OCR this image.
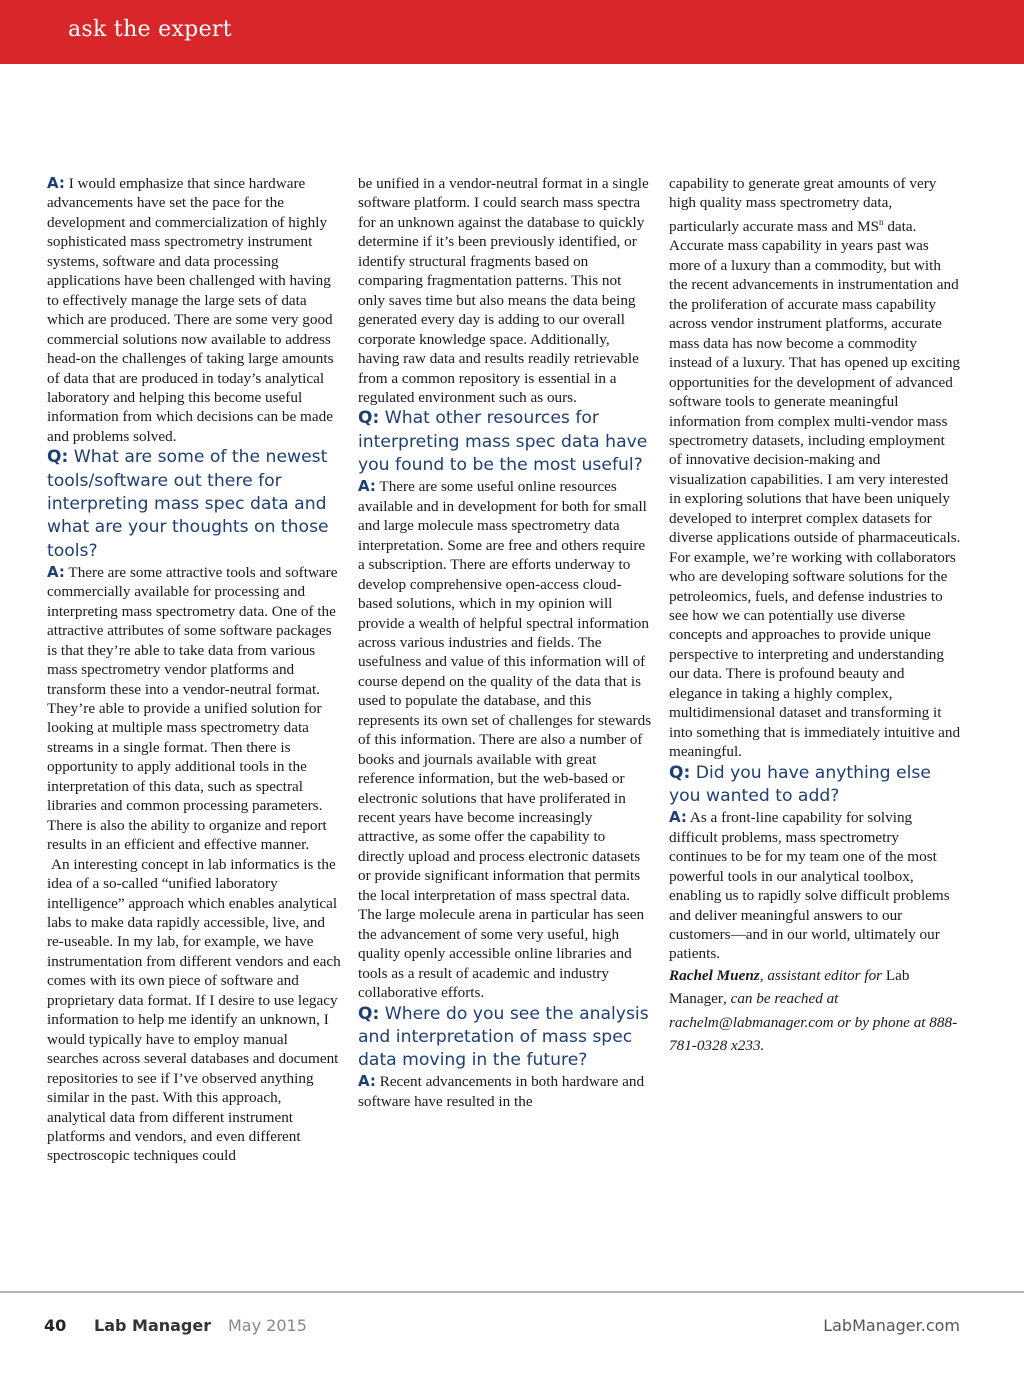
ask the expert

A: I would emphasize that since hardware advancements have set the pace for the development and commercialization of highly sophisticated mass spectrometry instrument systems, software and data processing applications have been challenged with having to effectively manage the large sets of data which are produced. There are some very good commercial solutions now available to address head-on the challenges of taking large amounts of data that are produced in today’s analytical laboratory and helping this become useful information from which decisions can be made and problems solved.

Q: What are some of the newest tools/software out there for interpreting mass spec data and what are your thoughts on those tools?

A: There are some attractive tools and software commercially available for processing and interpreting mass spectrometry data. One of the attractive attributes of some software packages is that they’re able to take data from various mass spectrometry vendor platforms and transform these into a vendor-neutral format. They’re able to provide a unified solution for looking at multiple mass spectrometry data streams in a single format. Then there is opportunity to apply additional tools in the interpretation of this data, such as spectral libraries and common processing parameters. There is also the ability to organize and report results in an efficient and effective manner.

An interesting concept in lab informatics is the idea of a so-called “unified laboratory intelligence” approach which enables analytical labs to make data rapidly accessible, live, and re-useable. In my lab, for example, we have instrumentation from different vendors and each comes with its own piece of software and proprietary data format. If I desire to use legacy information to help me identify an unknown, I would typically have to employ manual searches across several databases and document repositories to see if I’ve observed anything similar in the past. With this approach, analytical data from different instrument platforms and vendors, and even different spectroscopic techniques could

be unified in a vendor-neutral format in a single software platform. I could search mass spectra for an unknown against the database to quickly determine if it’s been previously identified, or identify structural fragments based on comparing fragmentation patterns. This not only saves time but also means the data being generated every day is adding to our overall corporate knowledge space. Additionally, having raw data and results readily retrievable from a common repository is essential in a regulated environment such as ours.

Q: What other resources for interpreting mass spec data have you found to be the most useful?

A: There are some useful online resources available and in development for both for small and large molecule mass spectrometry data interpretation. Some are free and others require a subscription. There are efforts underway to develop comprehensive open-access cloud-based solutions, which in my opinion will provide a wealth of helpful spectral information across various industries and fields. The usefulness and value of this information will of course depend on the quality of the data that is used to populate the database, and this represents its own set of challenges for stewards of this information. There are also a number of books and journals available with great reference information, but the web-based or electronic solutions that have proliferated in recent years have become increasingly attractive, as some offer the capability to directly upload and process electronic datasets or provide significant information that permits the local interpretation of mass spectral data. The large molecule arena in particular has seen the advancement of some very useful, high quality openly accessible online libraries and tools as a result of academic and industry collaborative efforts.

Q: Where do you see the analysis and interpretation of mass spec data moving in the future?

A: Recent advancements in both hardware and software have resulted in the

capability to generate great amounts of very high quality mass spectrometry data, particularly accurate mass and $MS^n$ data. Accurate mass capability in years past was more of a luxury than a commodity, but with the recent advancements in instrumentation and the proliferation of accurate mass capability across vendor instrument platforms, accurate mass data has now become a commodity instead of a luxury. That has opened up exciting opportunities for the development of advanced software tools to generate meaningful information from complex multi-vendor mass spectrometry datasets, including employment of innovative decision-making and visualization capabilities. I am very interested in exploring solutions that have been uniquely developed to interpret complex datasets for diverse applications outside of pharmaceuticals. For example, we’re working with collaborators who are developing software solutions for the petroleomics, fuels, and defense industries to see how we can potentially use diverse concepts and approaches to provide unique perspective to interpreting and understanding our data. There is profound beauty and elegance in taking a highly complex, multidimensional dataset and transforming it into something that is immediately intuitive and meaningful.

Q: Did you have anything else you wanted to add?

A: As a front-line capability for solving difficult problems, mass spectrometry continues to be for my team one of the most powerful tools in our analytical toolbox, enabling us to rapidly solve difficult problems and deliver meaningful answers to our customers—and in our world, ultimately our patients.

Rachel Muenz, assistant editor for Lab Manager, can be reached at rachelm@labmanager.com or by phone at 888-781-0328 x233.

40 Lab Manager May 2015	LabManager.com
